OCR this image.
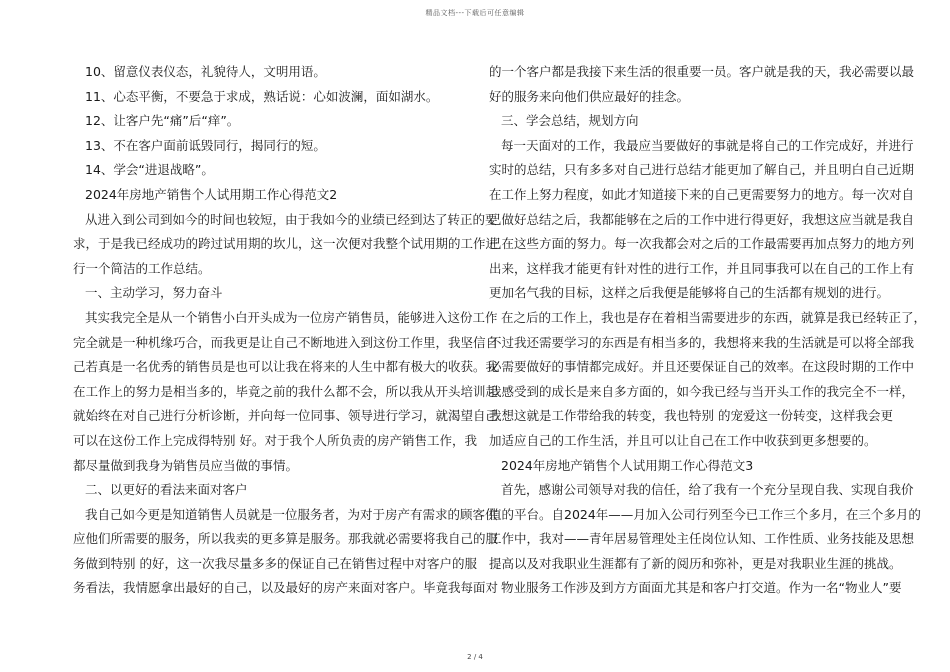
精品文档---下载后可任意编辑

10、留意仪表仪态，礼貌待人，文明用语。

11、心态平衡，不要急于求成，熟话说：心如波澜，面如湖水。

12、让客户先“痛”后“痒”。

13、不在客户面前诋毁同行，揭同行的短。

14、学会“进退战略”。

2024年房地产销售个人试用期工作心得范文2

从进入到公司到如今的时间也较短，由于我如今的业绩已经到达了转正的要

求，于是我已经成功的跨过试用期的坎儿，这一次便对我整个试用期的工作进

行一个简洁的工作总结。

一、主动学习，努力奋斗

其实我完全是从一个销售小白开头成为一位房产销售员，能够进入这份工作

完全就是一种机缘巧合，而我更是让自己不断地进入到这份工作里，我坚信自

己若真是一名优秀的销售员是也可以让我在将来的人生中都有极大的收获。我

在工作上的努力是相当多的，毕竟之前的我什么都不会，所以我从开头培训起

就始终在对自己进行分析诊断，并向每一位同事、领导进行学习，就渴望自己

可以在这份工作上完成得特别 好。对于我个人所负责的房产销售工作，我

都尽量做到我身为销售员应当做的事情。

二、以更好的看法来面对客户

我自己如今更是知道销售人员就是一位服务者，为对于房产有需求的顾客供

应他们所需要的服务，所以我卖的更多算是服务。那我就必需要将我自己的服

务做到特别 的好，这一次我尽量多多的保证自己在销售过程中对客户的服

务看法，我情愿拿出最好的自己，以及最好的房产来面对客户。毕竟我每面对

的一个客户都是我接下来生活的很重要一员。客户就是我的天，我必需要以最

好的服务来向他们供应最好的挂念。

三、学会总结，规划方向

每一天面对的工作，我最应当要做好的事就是将自己的工作完成好，并进行

实时的总结，只有多多对自己进行总结才能更加了解自己，并且明白自己近期

在工作上努力程度，如此才知道接下来的自己更需要努力的地方。每一次对自

己做好总结之后，我都能够在之后的工作中进行得更好，我想这应当就是我自

己在这些方面的努力。每一次我都会对之后的工作最需要再加点努力的地方列

出来，这样我才能更有针对性的进行工作，并且同事我可以在自己的工作上有

更加名气我的目标，这样之后我便是能够将自己的生活都有规划的进行。

在之后的工作上，我也是存在着相当需要进步的东西，就算是我已经转正了，

不过我还需要学习的东西是有相当多的，我想将来我的生活就是可以将全部我

必需要做好的事情都完成好。并且还要保证自己的效率。在这段时期的工作中

我感受到的成长是来自多方面的，如今我已经与当开头工作的我完全不一样，

我想这就是工作带给我的转变，我也特别 的宠爱这一份转变，这样我会更

加适应自己的工作生活，并且可以让自己在工作中收获到更多想要的。

2024年房地产销售个人试用期工作心得范文3

首先，感谢公司领导对我的信任，给了我有一个充分呈现自我、实现自我价

值的平台。自2024年——月加入公司行列至今已工作三个多月，在三个多月的

工作中，我对——青年居易管理处主任岗位认知、工作性质、业务技能及思想

提高以及对我职业生涯都有了新的阅历和弥补，更是对我职业生涯的挑战。

物业服务工作涉及到方方面面尤其是和客户打交道。作为一名“物业人”要

2 / 4
